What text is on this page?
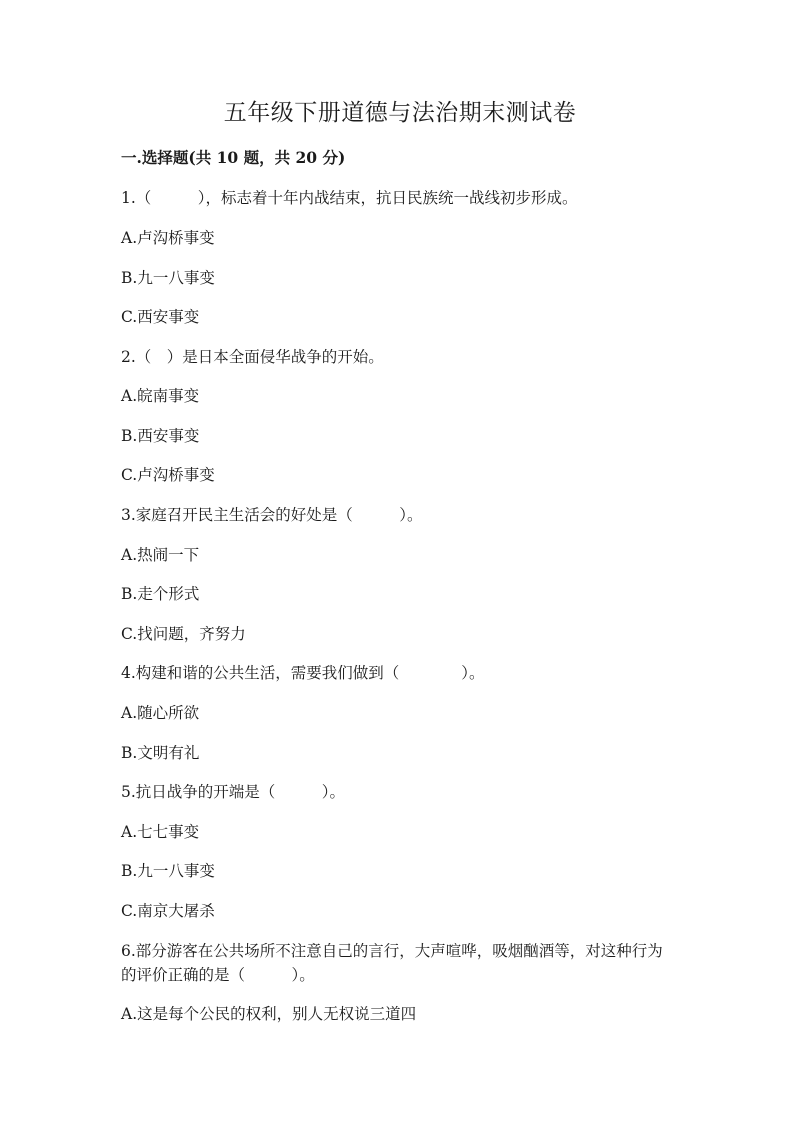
五年级下册道德与法治期末测试卷
一.选择题(共 10 题，共 20 分)
1.（　　　），标志着十年内战结束，抗日民族统一战线初步形成。
A.卢沟桥事变
B.九一八事变
C.西安事变
2.（　）是日本全面侵华战争的开始。
A.皖南事变
B.西安事变
C.卢沟桥事变
3.家庭召开民主生活会的好处是（　　　）。
A.热闹一下
B.走个形式
C.找问题，齐努力
4.构建和谐的公共生活，需要我们做到（　　　　）。
A.随心所欲
B.文明有礼
5.抗日战争的开端是（　　　）。
A.七七事变
B.九一八事变
C.南京大屠杀
6.部分游客在公共场所不注意自己的言行，大声喧哗，吸烟酗酒等，对这种行为的评价正确的是（　　　）。
A.这是每个公民的权利，别人无权说三道四
